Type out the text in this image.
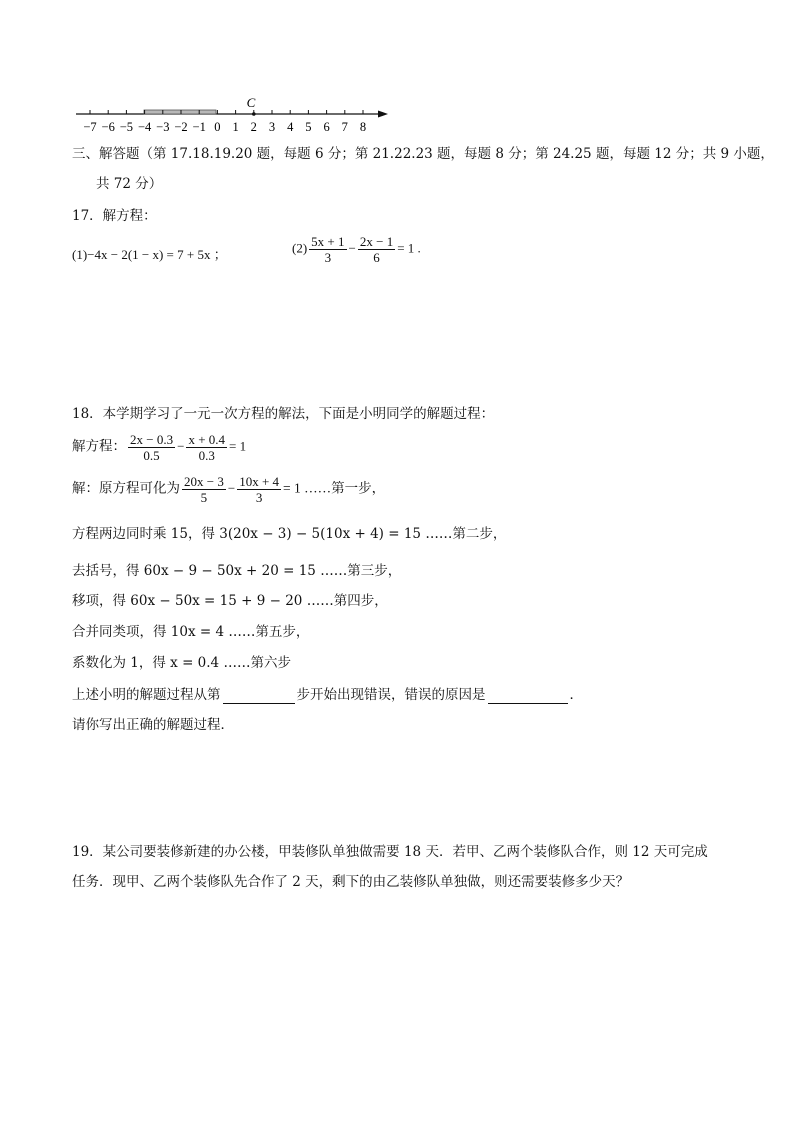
−7 −6 −5 −4 −3 −2 −1 0 1 2 3 4 5 6 7 8
C
三、解答题（第 17.18.19.20 题，每题 6 分；第 21.22.23 题，每题 8 分；第 24.25 题，每题 12 分；共 9 小题，
共 72 分）
17．解方程：
(1)−4x − 2(1 − x) = 7 + 5x ；	$(2) \frac{5x + 1}{3} - \frac{2x - 1}{6} = 1$ .
18．本学期学习了一元一次方程的解法，下面是小明同学的解题过程：
解方程： $\frac{2x - 0.3}{0.5} - \frac{x + 0.4}{0.3} = 1$
解：原方程可化为 $\frac{20x - 3}{5} - \frac{10x + 4}{3} = 1$ ……第一步，
方程两边同时乘 15，得 3(20x − 3) − 5(10x + 4) = 15 ……第二步，
去括号，得 60x − 9 − 50x + 20 = 15 ……第三步，
移项，得 60x − 50x = 15 + 9 − 20 ……第四步，
合并同类项，得 10x = 4 ……第五步，
系数化为 1，得 x = 0.4 ……第六步
上述小明的解题过程从第	步开始出现错误，错误的原因是	．
请你写出正确的解题过程．
19．某公司要装修新建的办公楼，甲装修队单独做需要 18 天．若甲、乙两个装修队合作，则 12 天可完成
任务．现甲、乙两个装修队先合作了 2 天，剩下的由乙装修队单独做，则还需要装修多少天？
